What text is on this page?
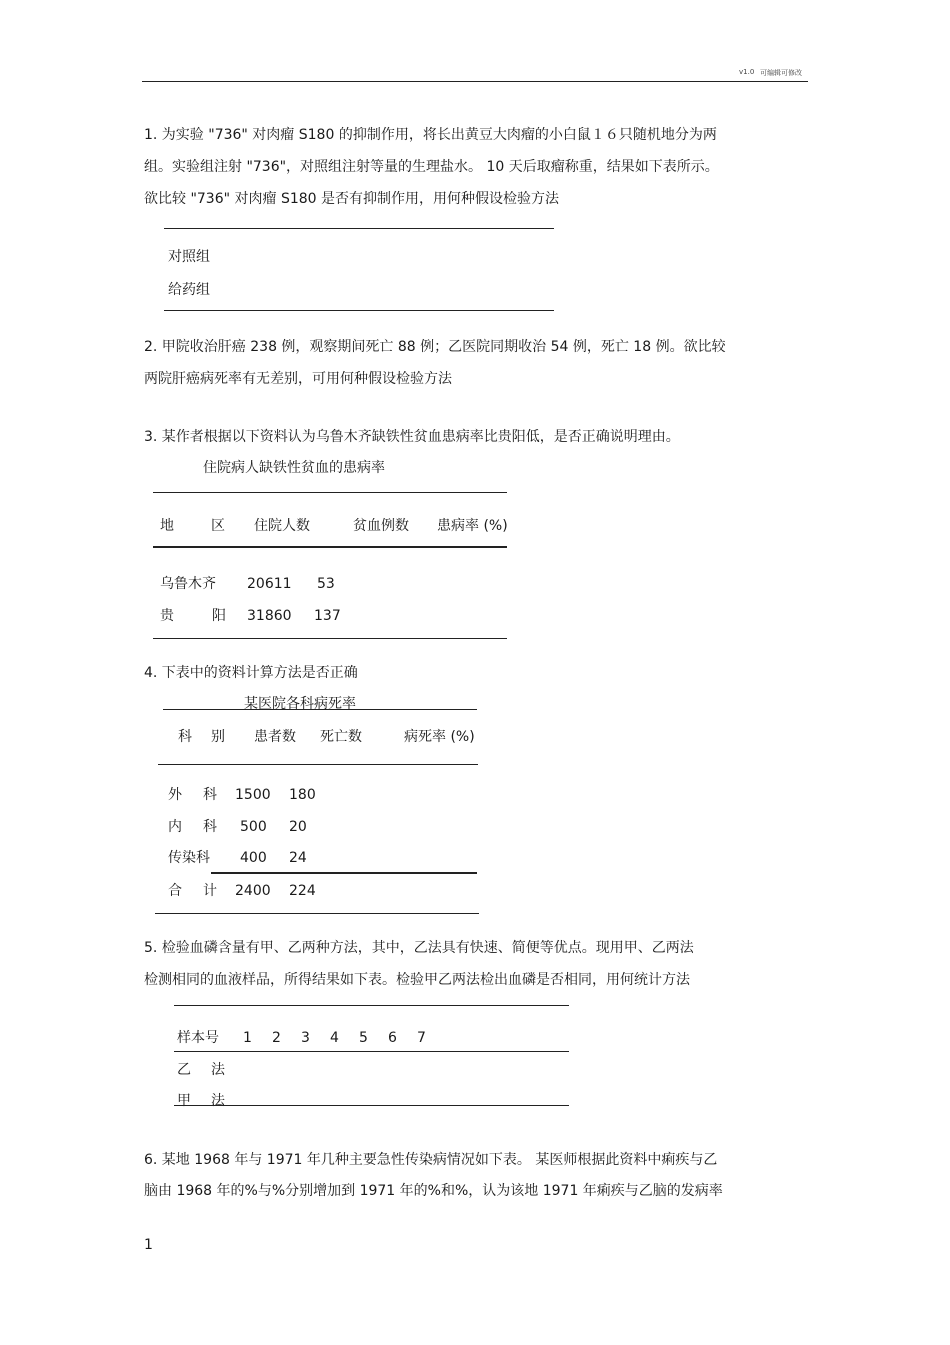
v1.0 可编辑可修改
1. 为实验 "736" 对肉瘤 S180 的抑制作用，将长出黄豆大肉瘤的小白鼠１６只随机地分为两
组。实验组注射 "736"，对照组注射等量的生理盐水。 10 天后取瘤称重，结果如下表所示。
欲比较 "736" 对肉瘤 S180 是否有抑制作用，用何种假设检验方法
对照组
给药组
2. 甲院收治肝癌 238 例，观察期间死亡 88 例；乙医院同期收治 54 例，死亡 18 例。欲比较
两院肝癌病死率有无差别，可用何种假设检验方法
3. 某作者根据以下资料认为乌鲁木齐缺铁性贫血患病率比贵阳低，是否正确说明理由。
住院病人缺铁性贫血的患病率
地	区 住院人数	贫血例数 患病率 (%)
乌鲁木齐 20611 53
贵	阳 31860 137
4. 下表中的资料计算方法是否正确
某医院各科病死率
科 别 患者数 死亡数	病死率 (%)
外 科 1500 180
内 科 500 20
传染科 400 24
合 计 2400 224
5. 检验血磷含量有甲、乙两种方法，其中，乙法具有快速、简便等优点。现用甲、乙两法
检测相同的血液样品，所得结果如下表。检验甲乙两法检出血磷是否相同，用何统计方法
样本号 1 2 3 4 5 6 7
乙 法
甲 法
6. 某地 1968 年与 1971 年几种主要急性传染病情况如下表。 某医师根据此资料中痢疾与乙
脑由 1968 年的%与%分别增加到 1971 年的%和%，认为该地 1971 年痢疾与乙脑的发病率
1
